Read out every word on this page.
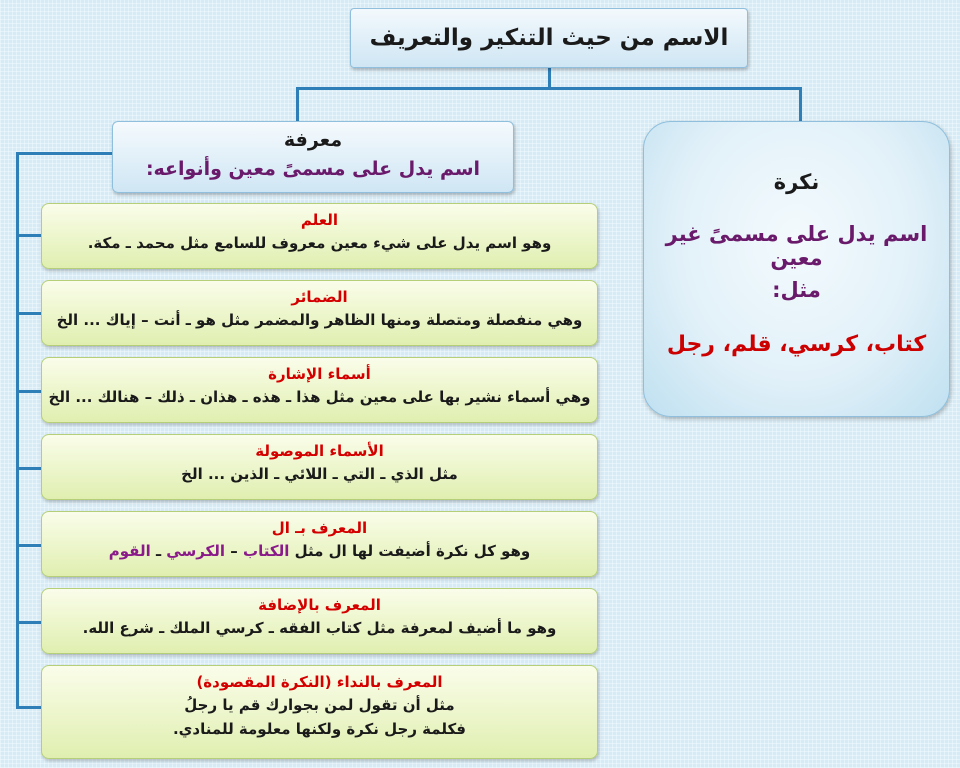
الاسم من حيث التنكير والتعريف
معرفة
اسم يدل على مسمىً معين وأنواعه:
نكرة
اسم يدل على مسمىً غير معين
مثل:
كتاب، كرسي، قلم، رجل
العلم
وهو اسم يدل على شيء معين معروف للسامع مثل محمد ـ مكة.
الضمائر
وهي منفصلة ومتصلة ومنها الظاهر والمضمر مثل هو ـ أنت – إياك ... الخ
أسماء الإشارة
وهي أسماء نشير بها على معين مثل هذا ـ هذه ـ هذان ـ ذلك – هنالك ... الخ
الأسماء الموصولة
مثل الذي ـ التي ـ اللائي ـ الذين ... الخ
المعرف بـ ال
وهو كل نكرة أضيفت لها ال مثل الكتاب – الكرسي ـ القوم
المعرف بالإضافة
وهو ما أضيف لمعرفة مثل كتاب الفقه ـ كرسي الملك ـ شرع الله.
المعرف بالنداء (النكرة المقصودة)
مثل أن تقول لمن بجوارك قم يا رجلُ
فكلمة رجل نكرة ولكنها معلومة للمنادي.
